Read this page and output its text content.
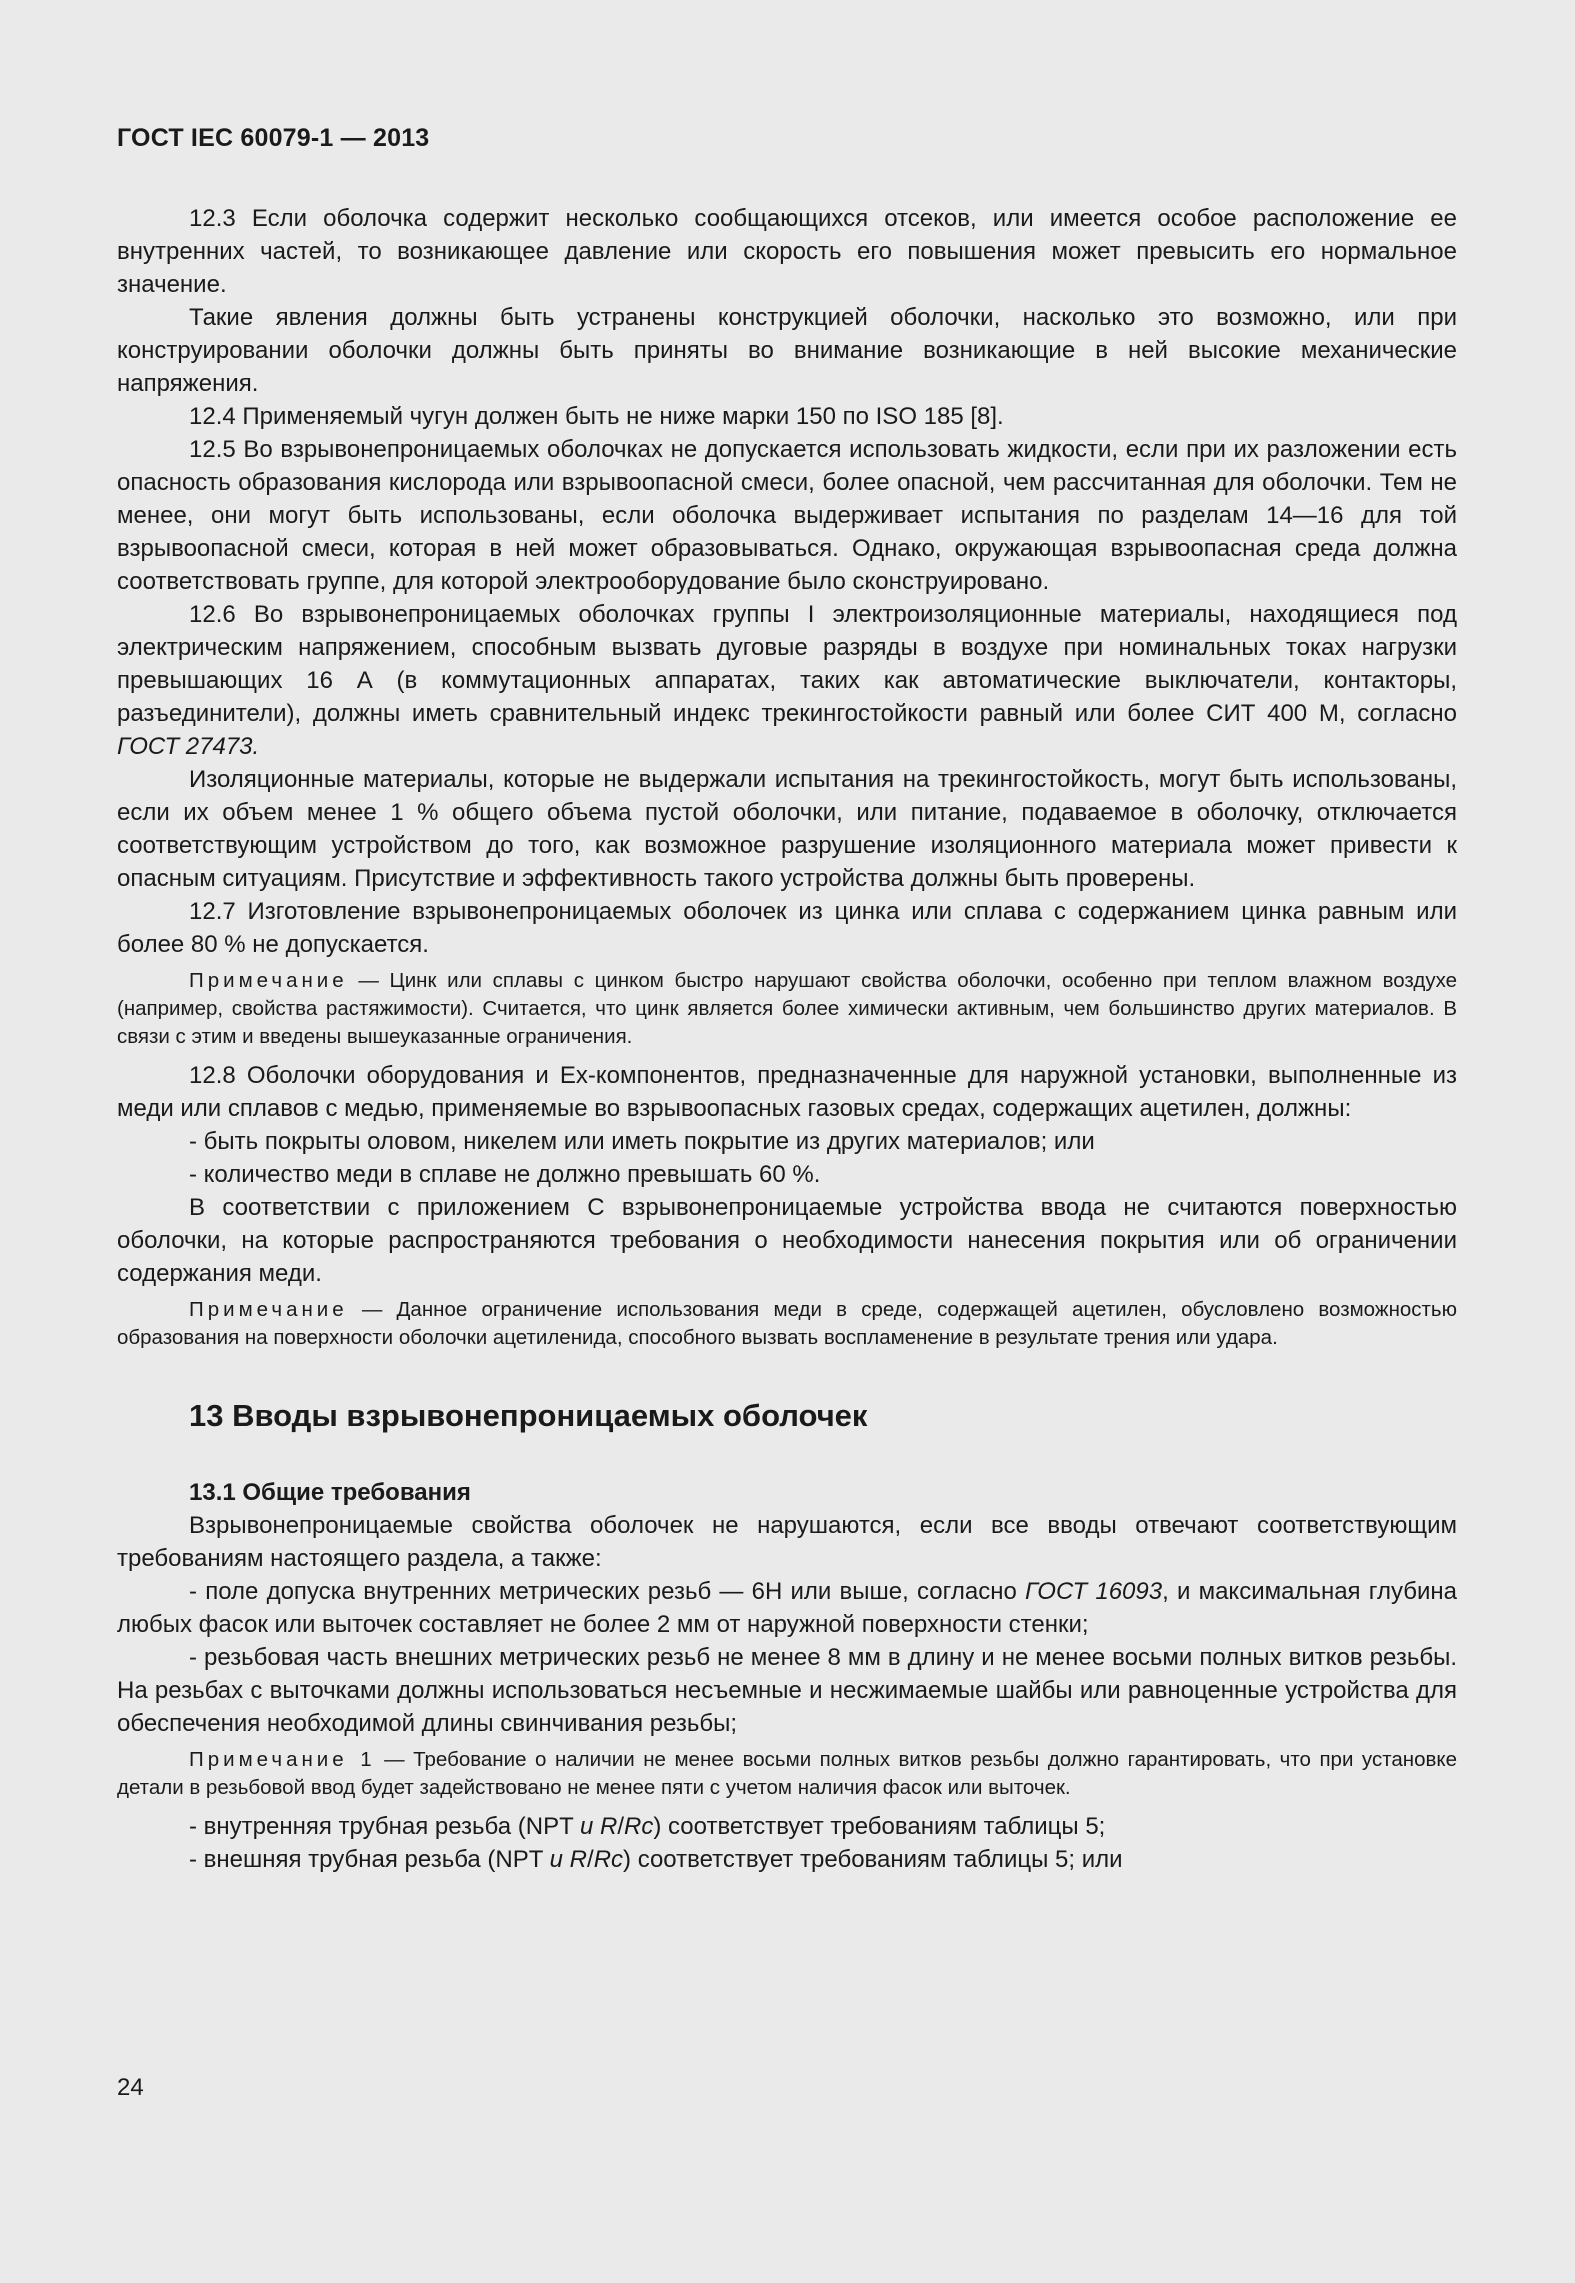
ГОСТ IEC 60079-1 — 2013

12.3 Если оболочка содержит несколько сообщающихся отсеков, или имеется особое расположение ее внутренних частей, то возникающее давление или скорость его повышения может превысить его нормальное значение.

Такие явления должны быть устранены конструкцией оболочки, насколько это возможно, или при конструировании оболочки должны быть приняты во внимание возникающие в ней высокие механические напряжения.

12.4 Применяемый чугун должен быть не ниже марки 150 по ISO 185 [8].

12.5 Во взрывонепроницаемых оболочках не допускается использовать жидкости, если при их разложении есть опасность образования кислорода или взрывоопасной смеси, более опасной, чем рассчитанная для оболочки. Тем не менее, они могут быть использованы, если оболочка выдерживает испытания по разделам 14—16 для той взрывоопасной смеси, которая в ней может образовываться. Однако, окружающая взрывоопасная среда должна соответствовать группе, для которой электрооборудование было сконструировано.

12.6 Во взрывонепроницаемых оболочках группы I электроизоляционные материалы, находящиеся под электрическим напряжением, способным вызвать дуговые разряды в воздухе при номинальных токах нагрузки превышающих 16 А (в коммутационных аппаратах, таких как автоматические выключатели, контакторы, разъединители), должны иметь сравнительный индекс трекингостойкости равный или более СИТ 400 М, согласно ГОСТ 27473.

Изоляционные материалы, которые не выдержали испытания на трекингостойкость, могут быть использованы, если их объем менее 1 % общего объема пустой оболочки, или питание, подаваемое в оболочку, отключается соответствующим устройством до того, как возможное разрушение изоляционного материала может привести к опасным ситуациям. Присутствие и эффективность такого устройства должны быть проверены.

12.7 Изготовление взрывонепроницаемых оболочек из цинка или сплава с содержанием цинка равным или более 80 % не допускается.

Примечание — Цинк или сплавы с цинком быстро нарушают свойства оболочки, особенно при теплом влажном воздухе (например, свойства растяжимости). Считается, что цинк является более химически активным, чем большинство других материалов. В связи с этим и введены вышеуказанные ограничения.

12.8 Оболочки оборудования и Ex-компонентов, предназначенные для наружной установки, выполненные из меди или сплавов с медью, применяемые во взрывоопасных газовых средах, содержащих ацетилен, должны:

- быть покрыты оловом, никелем или иметь покрытие из других материалов; или

- количество меди в сплаве не должно превышать 60 %.

В соответствии с приложением С взрывонепроницаемые устройства ввода не считаются поверхностью оболочки, на которые распространяются требования о необходимости нанесения покрытия или об ограничении содержания меди.

Примечание — Данное ограничение использования меди в среде, содержащей ацетилен, обусловлено возможностью образования на поверхности оболочки ацетиленида, способного вызвать воспламенение в результате трения или удара.

13 Вводы взрывонепроницаемых оболочек
13.1 Общие требования

Взрывонепроницаемые свойства оболочек не нарушаются, если все вводы отвечают соответствующим требованиям настоящего раздела, а также:

- поле допуска внутренних метрических резьб — 6Н или выше, согласно ГОСТ 16093, и максимальная глубина любых фасок или выточек составляет не более 2 мм от наружной поверхности стенки;

- резьбовая часть внешних метрических резьб не менее 8 мм в длину и не менее восьми полных витков резьбы. На резьбах с выточками должны использоваться несъемные и несжимаемые шайбы или равноценные устройства для обеспечения необходимой длины свинчивания резьбы;

Примечание 1 — Требование о наличии не менее восьми полных витков резьбы должно гарантировать, что при установке детали в резьбовой ввод будет задействовано не менее пяти с учетом наличия фасок или выточек.

- внутренняя трубная резьба (NPT и R/Rc) соответствует требованиям таблицы 5;

- внешняя трубная резьба (NPT и R/Rc) соответствует требованиям таблицы 5; или

24
